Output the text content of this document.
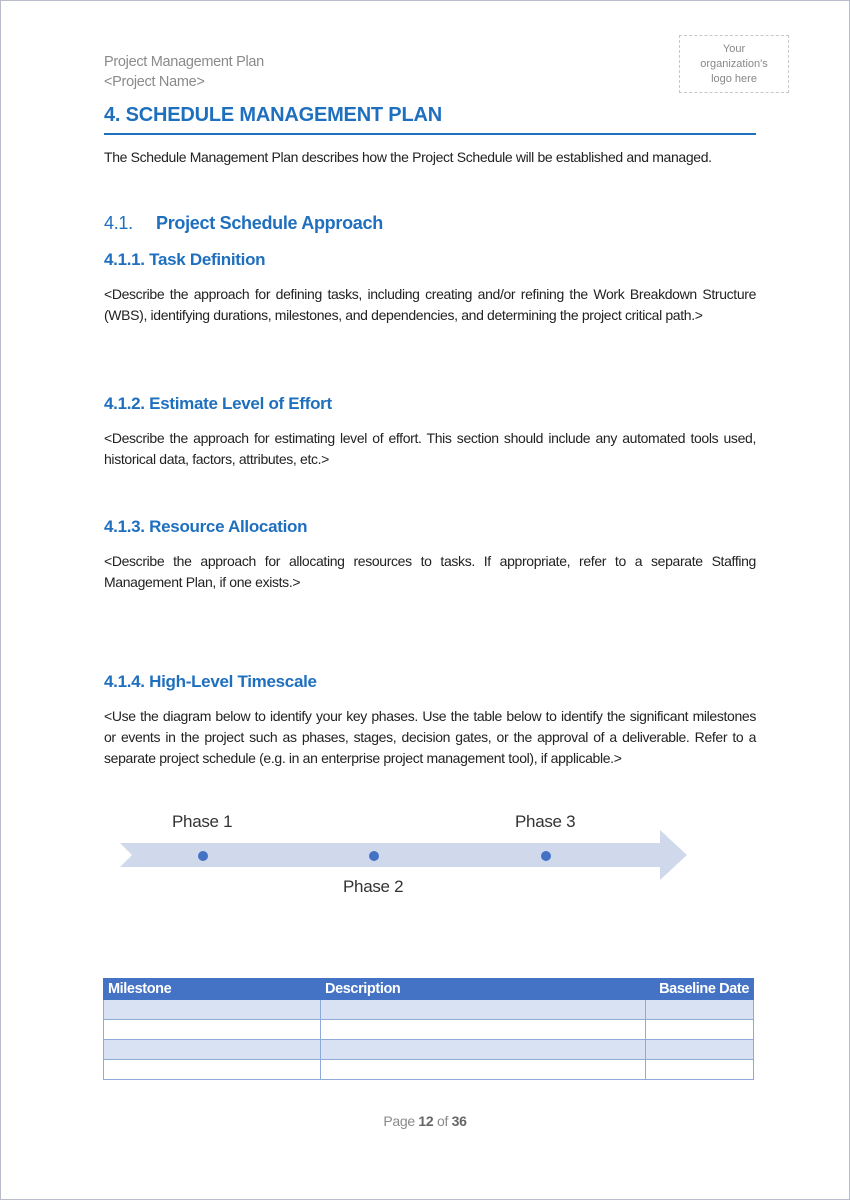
Project Management Plan
<Project Name>
Your organization's logo here
4. SCHEDULE MANAGEMENT PLAN
The Schedule Management Plan describes how the Project Schedule will be established and managed.
4.1. Project Schedule Approach
4.1.1. Task Definition
<Describe the approach for defining tasks, including creating and/or refining the Work Breakdown Structure (WBS), identifying durations, milestones, and dependencies, and determining the project critical path.>
4.1.2. Estimate Level of Effort
<Describe the approach for estimating level of effort. This section should include any automated tools used, historical data, factors, attributes, etc.>
4.1.3. Resource Allocation
<Describe the approach for allocating resources to tasks. If appropriate, refer to a separate Staffing Management Plan, if one exists.>
4.1.4. High-Level Timescale
<Use the diagram below to identify your key phases. Use the table below to identify the significant milestones or events in the project such as phases, stages, decision gates, or the approval of a deliverable. Refer to a separate project schedule (e.g. in an enterprise project management tool), if applicable.>
Phase 1
Phase 2
Phase 3
Milestone	Description	Baseline Date

Page 12 of 36
